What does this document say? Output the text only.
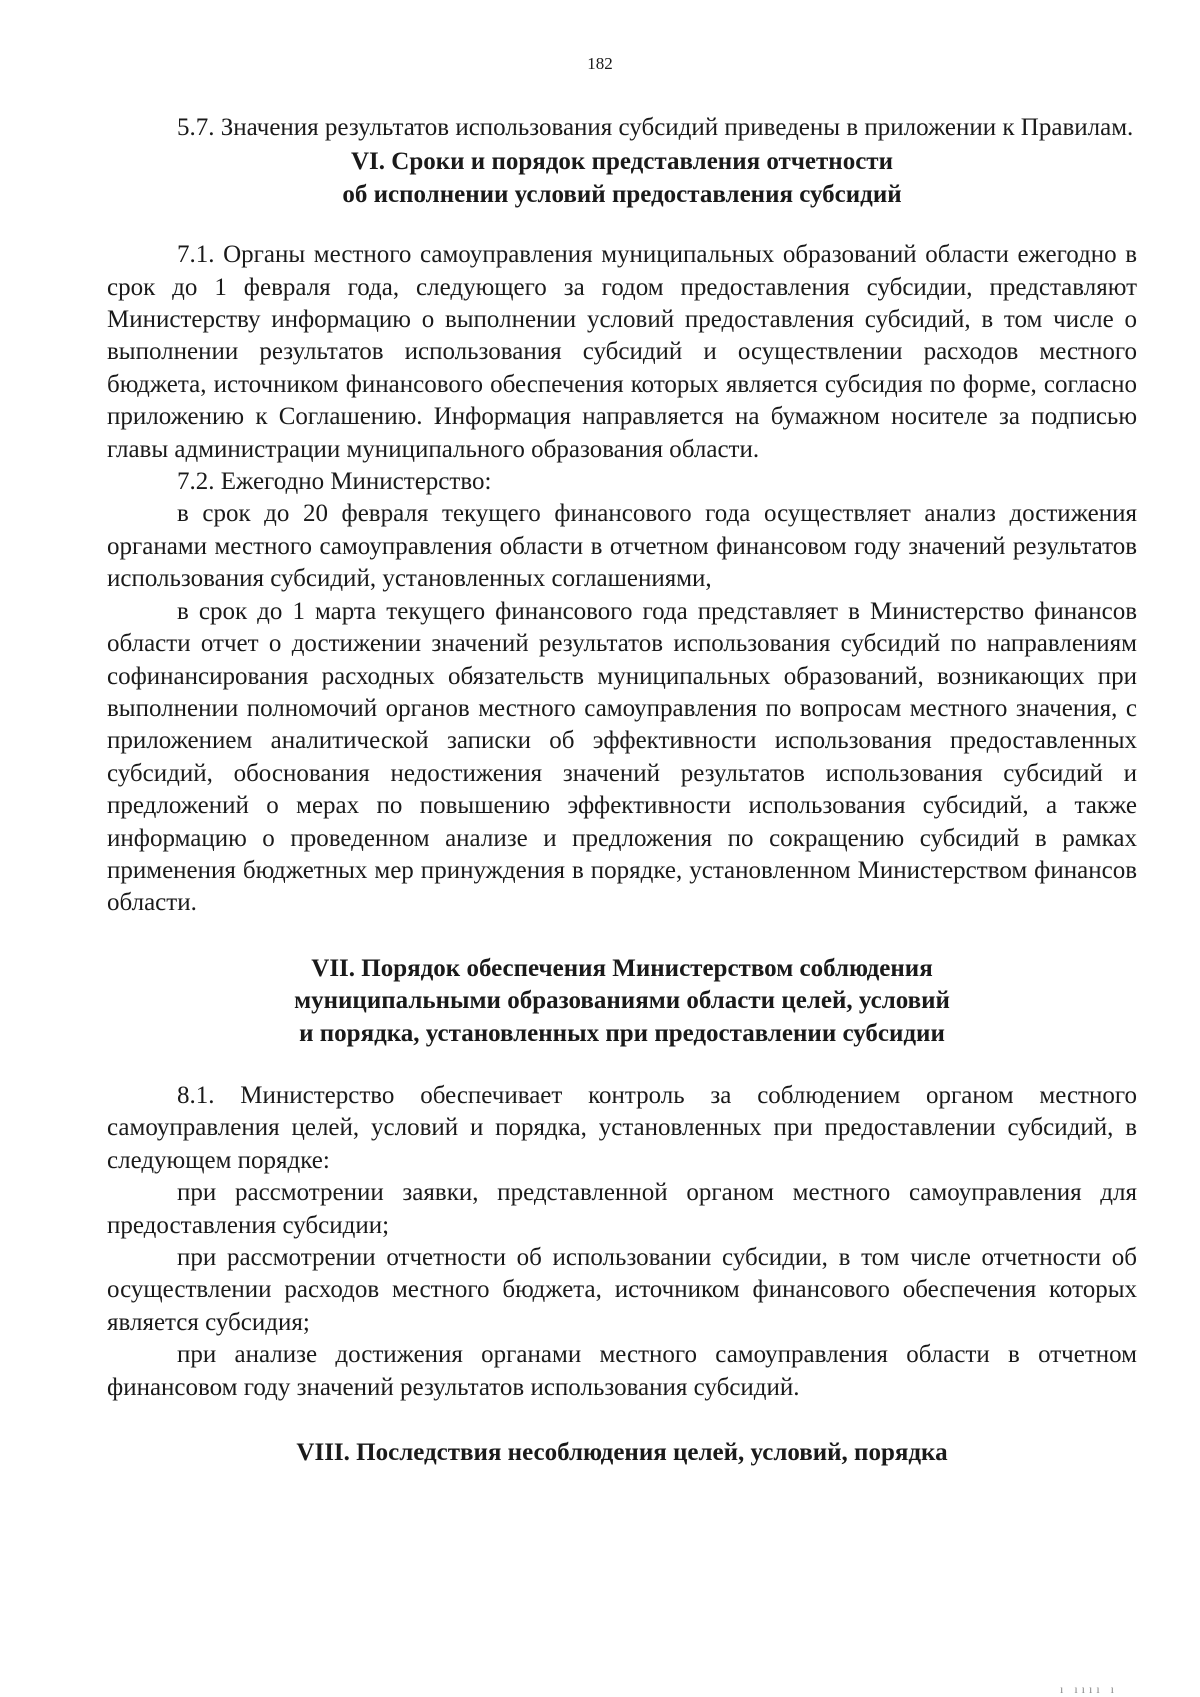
182

5.7. Значения результатов использования субсидий приведены в приложении к Правилам.

VI. Сроки и порядок представления отчетности
об исполнении условий предоставления субсидий

7.1. Органы местного самоуправления муниципальных образований области ежегодно в срок до 1 февраля года, следующего за годом предоставления субсидии, представляют Министерству информацию о выполнении условий предоставления субсидий, в том числе о выполнении результатов использования субсидий и осуществлении расходов местного бюджета, источником финансового обеспечения которых является субсидия по форме, согласно приложению к Соглашению. Информация направляется на бумажном носителе за подписью главы администрации муниципального образования области.

7.2. Ежегодно Министерство:

в срок до 20 февраля текущего финансового года осуществляет анализ достижения органами местного самоуправления области в отчетном финансовом году значений результатов использования субсидий, установленных соглашениями,

в срок до 1 марта текущего финансового года представляет в Министерство финансов области отчет о достижении значений результатов использования субсидий по направлениям софинансирования расходных обязательств муниципальных образований, возникающих при выполнении полномочий органов местного самоуправления по вопросам местного значения, с приложением аналитической записки об эффективности использования предоставленных субсидий, обоснования недостижения значений результатов использования субсидий и предложений о мерах по повышению эффективности использования субсидий, а также информацию о проведенном анализе и предложения по сокращению субсидий в рамках применения бюджетных мер принуждения в порядке, установленном Министерством финансов области.

VII. Порядок обеспечения Министерством соблюдения
муниципальными образованиями области целей, условий
и порядка, установленных при предоставлении субсидии

8.1. Министерство обеспечивает контроль за соблюдением органом местного самоуправления целей, условий и порядка, установленных при предоставлении субсидий, в следующем порядке:

при рассмотрении заявки, представленной органом местного самоуправления для предоставления субсидии;

при рассмотрении отчетности об использовании субсидии, в том числе отчетности об осуществлении расходов местного бюджета, источником финансового обеспечения которых является субсидия;

при анализе достижения органами местного самоуправления области в отчетном финансовом году значений результатов использования субсидий.

VIII. Последствия несоблюдения целей, условий, порядка
ı ıııı ı
